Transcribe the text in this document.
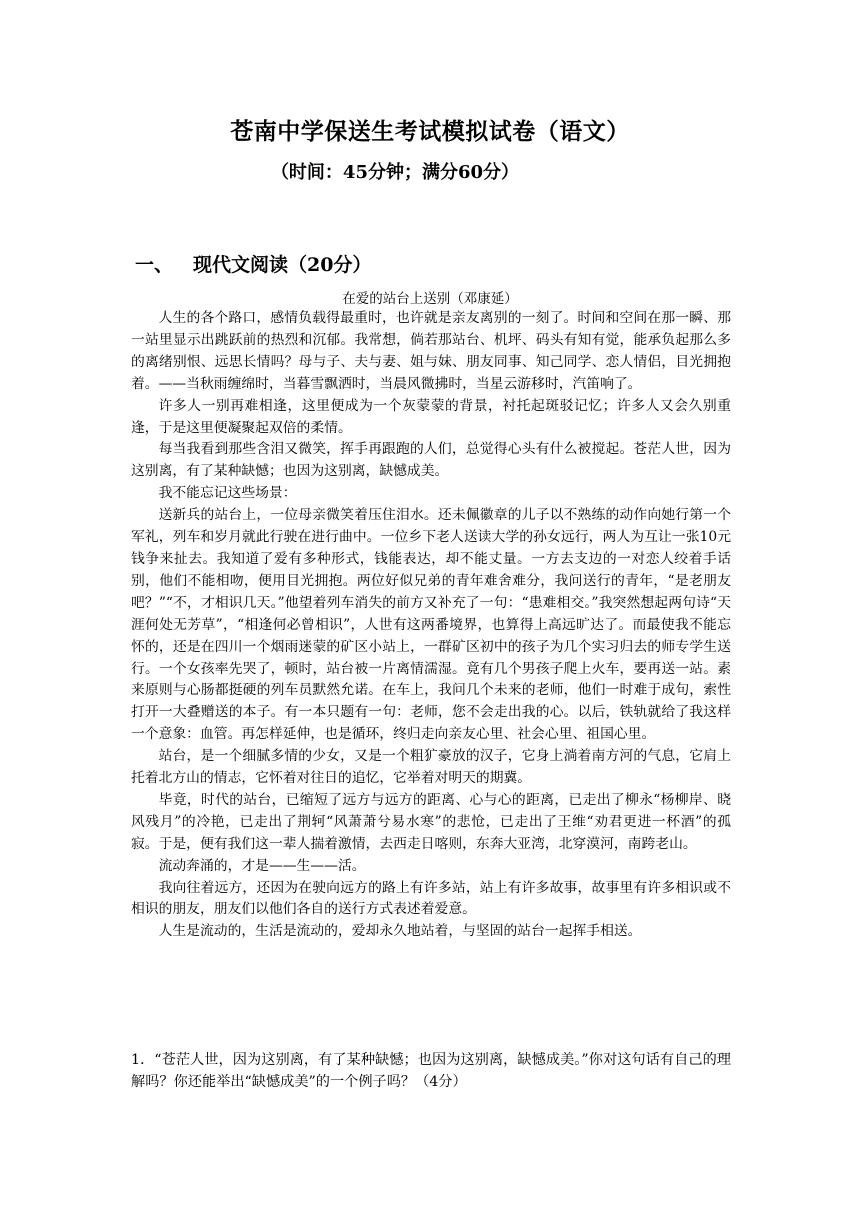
苍南中学保送生考试模拟试卷（语文）
（时间：45分钟；满分60分）
一、 现代文阅读（20分）
在爱的站台上送别（邓康延）

人生的各个路口，感情负载得最重时，也许就是亲友离别的一刻了。时间和空间在那一瞬、那一站里显示出跳跃前的热烈和沉郁。我常想，倘若那站台、机坪、码头有知有觉，能承负起那么多的离绪别恨、远思长情吗？母与子、夫与妻、姐与妹、朋友同事、知己同学、恋人情侣，目光拥抱着。——当秋雨缠绵时，当暮雪飘洒时，当晨风微拂时，当星云游移时，汽笛响了。

许多人一别再难相逢，这里便成为一个灰蒙蒙的背景，衬托起斑驳记忆；许多人又会久别重逢，于是这里便凝聚起双倍的柔情。

每当我看到那些含泪又微笑，挥手再跟跑的人们，总觉得心头有什么被搅起。苍茫人世，因为这别离，有了某种缺憾；也因为这别离，缺憾成美。

我不能忘记这些场景：

送新兵的站台上，一位母亲微笑着压住泪水。还未佩徽章的儿子以不熟练的动作向她行第一个军礼，列车和岁月就此行驶在进行曲中。一位乡下老人送读大学的孙女远行，两人为互让一张10元钱争来扯去。我知道了爱有多种形式，钱能表达，却不能丈量。一方去支边的一对恋人绞着手话别，他们不能相吻，便用目光拥抱。两位好似兄弟的青年难舍难分，我问送行的青年，“是老朋友吧？”“不，才相识几天。”他望着列车消失的前方又补充了一句：“患难相交。”我突然想起两句诗“天涯何处无芳草”，“相逢何必曾相识”，人世有这两番境界，也算得上高远旷达了。而最使我不能忘怀的，还是在四川一个烟雨迷蒙的矿区小站上，一群矿区初中的孩子为几个实习归去的师专学生送行。一个女孩率先哭了，顿时，站台被一片离情濡湿。竟有几个男孩子爬上火车，要再送一站。素来原则与心肠都挺硬的列车员默然允诺。在车上，我问几个未来的老师，他们一时难于成句，索性打开一大叠赠送的本子。有一本只题有一句：老师，您不会走出我的心。以后，铁轨就给了我这样一个意象：血管。再怎样延伸，也是循环，终归走向亲友心里、社会心里、祖国心里。

站台，是一个细腻多情的少女，又是一个粗犷豪放的汉子，它身上淌着南方河的气息，它肩上托着北方山的情志，它怀着对往日的追忆，它举着对明天的期冀。

毕竟，时代的站台，已缩短了远方与远方的距离、心与心的距离，已走出了柳永“杨柳岸、晓风残月”的冷艳，已走出了荆轲“风萧萧兮易水寒”的悲怆，已走出了王维“劝君更进一杯酒”的孤寂。于是，便有我们这一辈人揣着激情，去西走日喀则，东奔大亚湾，北穿漠河，南跨老山。

流动奔涌的，才是——生——活。

我向往着远方，还因为在驶向远方的路上有许多站，站上有许多故事，故事里有许多相识或不相识的朋友，朋友们以他们各自的送行方式表述着爱意。

人生是流动的，生活是流动的，爱却永久地站着，与坚固的站台一起挥手相送。

1．“苍茫人世，因为这别离，有了某种缺憾；也因为这别离，缺憾成美。”你对这句话有自己的理解吗？你还能举出“缺憾成美”的一个例子吗？（4分）
